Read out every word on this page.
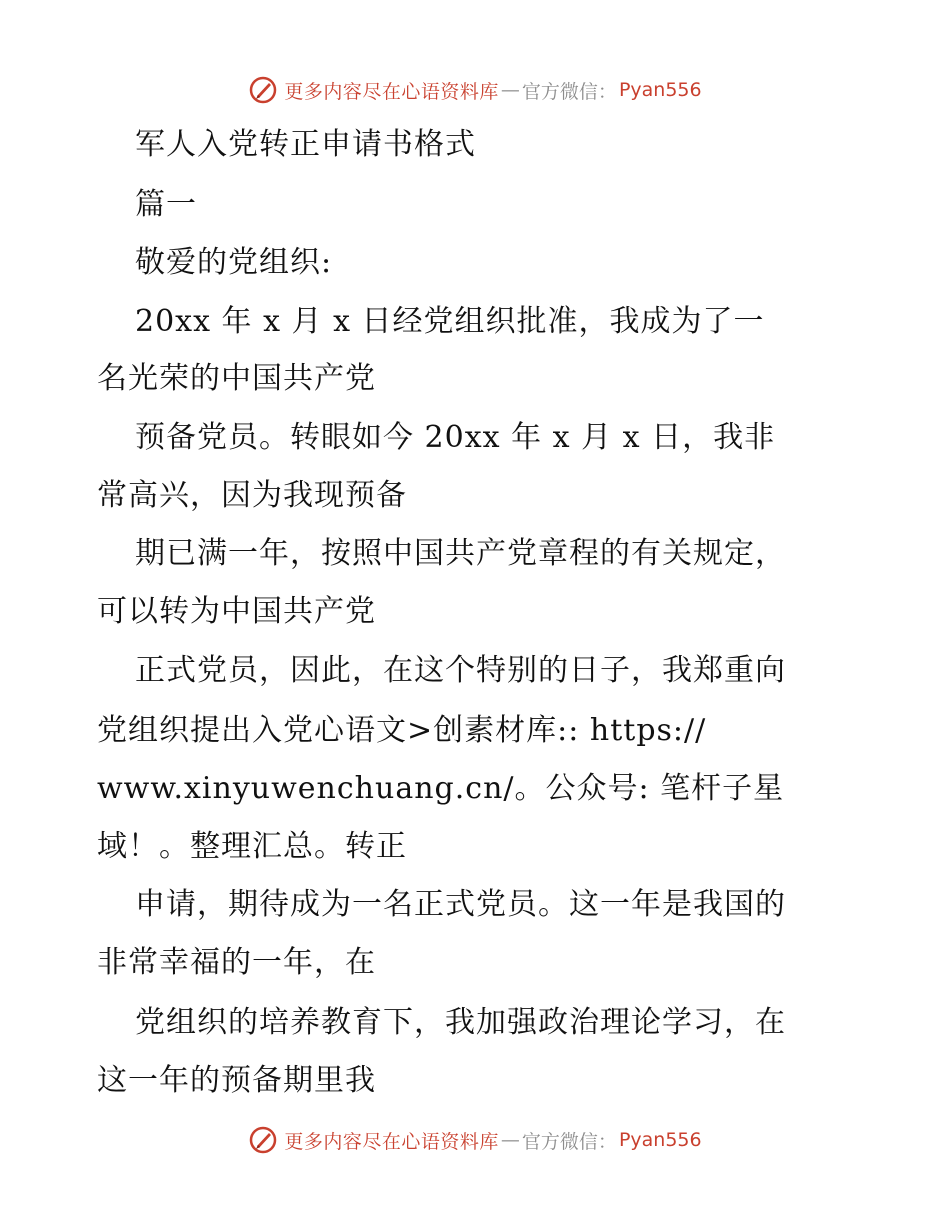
更多内容尽在心语资料库 — 官方微信： Pyan556
军人入党转正申请书格式
篇一
敬爱的党组织:
20xx 年 x 月 x 日经党组织批准，我成为了一
名光荣的中国共产党
预备党员。转眼如今 20xx 年 x 月 x 日，我非
常高兴，因为我现预备
期已满一年，按照中国共产党章程的有关规定，
可以转为中国共产党
正式党员，因此，在这个特别的日子，我郑重向
党组织提出入党心语文>创素材库:: https://
www.xinyuwenchuang.cn/。公众号: 笔杆子星
域！。整理汇总。转正
申请，期待成为一名正式党员。这一年是我国的
非常幸福的一年，在
党组织的培养教育下，我加强政治理论学习，在
这一年的预备期里我
更多内容尽在心语资料库 — 官方微信： Pyan556
